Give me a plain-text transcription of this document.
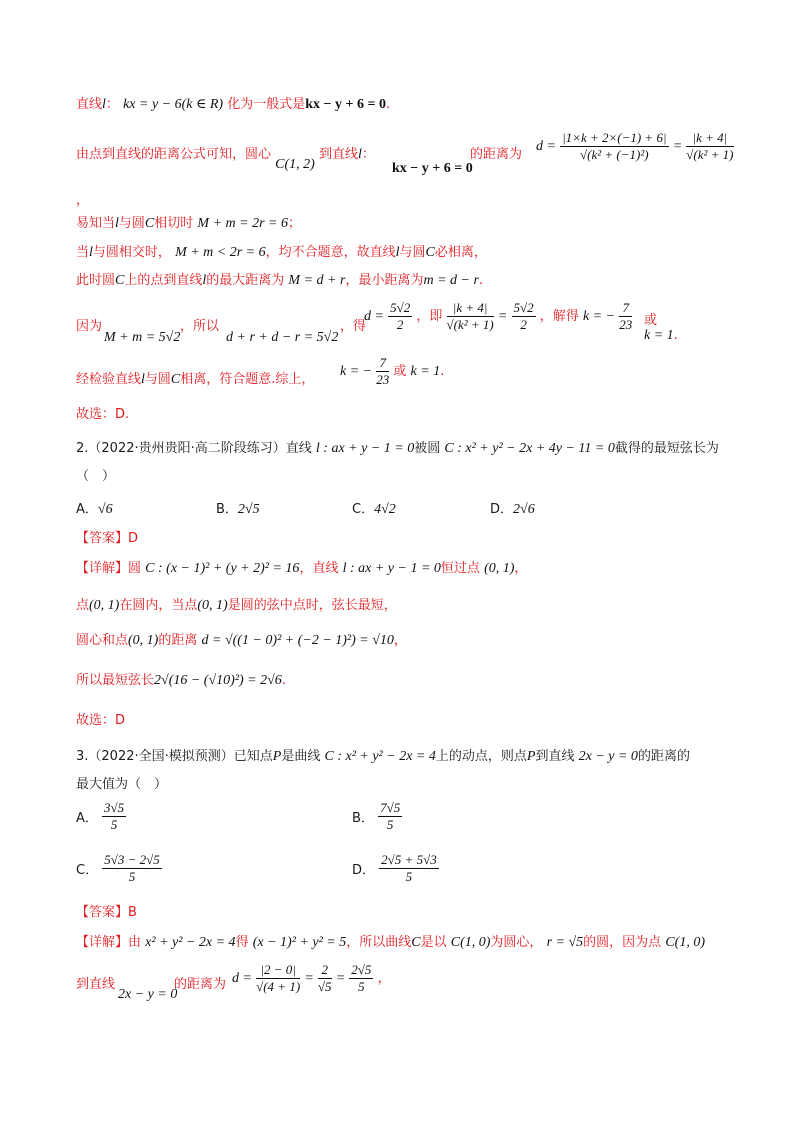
直线l： kx = y − 6(k ∈ R) 化为一般式是kx − y + 6 = 0.
由点到直线的距离公式可知，圆心 C(1, 2) 到直线l：
kx − y + 6 = 0
的距离为
$d = \frac{|1\times k + 2\times(-1) + 6|}{\text{√(k² + (−1)²)}} = \frac{|k + 4|}{\text{√(k² + 1)}}$
，
易知当l与圆C相切时 M + m = 2r = 6；
当l与圆相交时， M + m < 2r = 6，均不合题意，故直线l与圆C必相离，
此时圆C上的点到直线l的最大距离为 M = d + r，最小距离为m = d − r.
因为
M + m = 5√2
，所以
d + r + d − r = 5√2
，得
$d = \frac{5√2}{2}$ ，即 $\frac{|k + 4|}{\text{√(k² + 1)}} = \frac{5√2}{2}$ ，解得 k = − $\frac{7}{23}$ 或
k = 1.
经检验直线l与圆C相离，符合题意.综上，
k = − $\frac{7}{23}$ 或 k = 1.
故选：D.
2.（2022·贵州贵阳·高二阶段练习）直线 l : ax + y − 1 = 0被圆 C : x² + y² − 2x + 4y − 11 = 0截得的最短弦长为
（　）
A．√6	B．2√5	C．4√2	D．2√6
【答案】D
【详解】圆 C : (x − 1)² + (y + 2)² = 16，直线 l : ax + y − 1 = 0恒过点 (0, 1)，
点(0, 1)在圆内，当点(0, 1)是圆的弦中点时，弦长最短，
圆心和点(0, 1)的距离 d = √((1 − 0)² + (−2 − 1)²) = √10，
所以最短弦长2√(16 − (√10)²) = 2√6.
故选：D
3.（2022·全国·模拟预测）已知点P是曲线 C : x² + y² − 2x = 4上的动点，则点P到直线 2x − y = 0的距离的
最大值为（　）
A． $\frac{3√5}{5}$	B． $\frac{7√5}{5}$
C． $\frac{5√3 - 2√5}{5}$	D． $\frac{2√5 + 5√3}{5}$
【答案】B
【详解】由 x² + y² − 2x = 4得 (x − 1)² + y² = 5，所以曲线C是以 C(1, 0)为圆心， r = √5的圆，因为点 C(1, 0)
到直线
2x − y = 0
的距离为 $d = \frac{|2 - 0|}{√(4 + 1)} = \frac{2}{√5} = \frac{2√5}{5}$ ，
